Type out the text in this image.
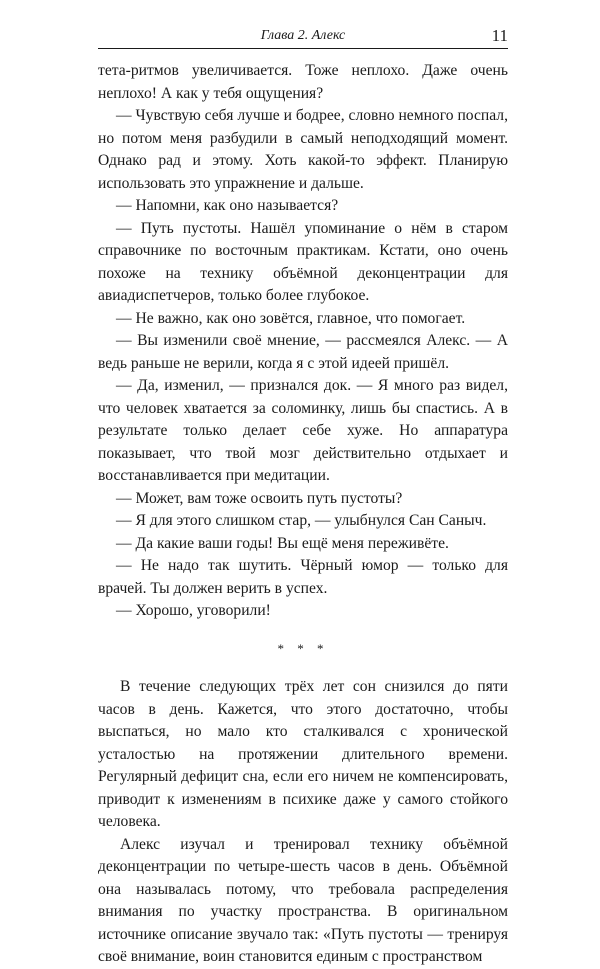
Глава 2. Алекс	11

тета-ритмов увеличивается. Тоже неплохо. Даже очень неплохо! А как у тебя ощущения?

— Чувствую себя лучше и бодрее, словно немного поспал, но потом меня разбудили в самый неподходящий момент. Однако рад и этому. Хоть какой-то эффект. Планирую использовать это упражнение и дальше.

— Напомни, как оно называется?

— Путь пустоты. Нашёл упоминание о нём в старом справочнике по восточным практикам. Кстати, оно очень похоже на технику объёмной деконцентрации для авиадиспетчеров, только более глубокое.

— Не важно, как оно зовётся, главное, что помогает.

— Вы изменили своё мнение, — рассмеялся Алекс. — А ведь раньше не верили, когда я с этой идеей пришёл.

— Да, изменил, — признался док. — Я много раз видел, что человек хватается за соломинку, лишь бы спастись. А в результате только делает себе хуже. Но аппаратура показывает, что твой мозг действительно отдыхает и восстанавливается при медитации.

— Может, вам тоже освоить путь пустоты?

— Я для этого слишком стар, — улыбнулся Сан Саныч.

— Да какие ваши годы! Вы ещё меня переживёте.

— Не надо так шутить. Чёрный юмор — только для врачей. Ты должен верить в успех.

— Хорошо, уговорили!

* * *

В течение следующих трёх лет сон снизился до пяти часов в день. Кажется, что этого достаточно, чтобы выспаться, но мало кто сталкивался с хронической усталостью на протяжении длительного времени. Регулярный дефицит сна, если его ничем не компенсировать, приводит к изменениям в психике даже у самого стойкого человека.

Алекс изучал и тренировал технику объёмной деконцентрации по четыре-шесть часов в день. Объёмной она называлась потому, что требовала распределения внимания по участку пространства. В оригинальном источнике описание звучало так: «Путь пустоты — тренируя своё внимание, воин становится единым с пространством
